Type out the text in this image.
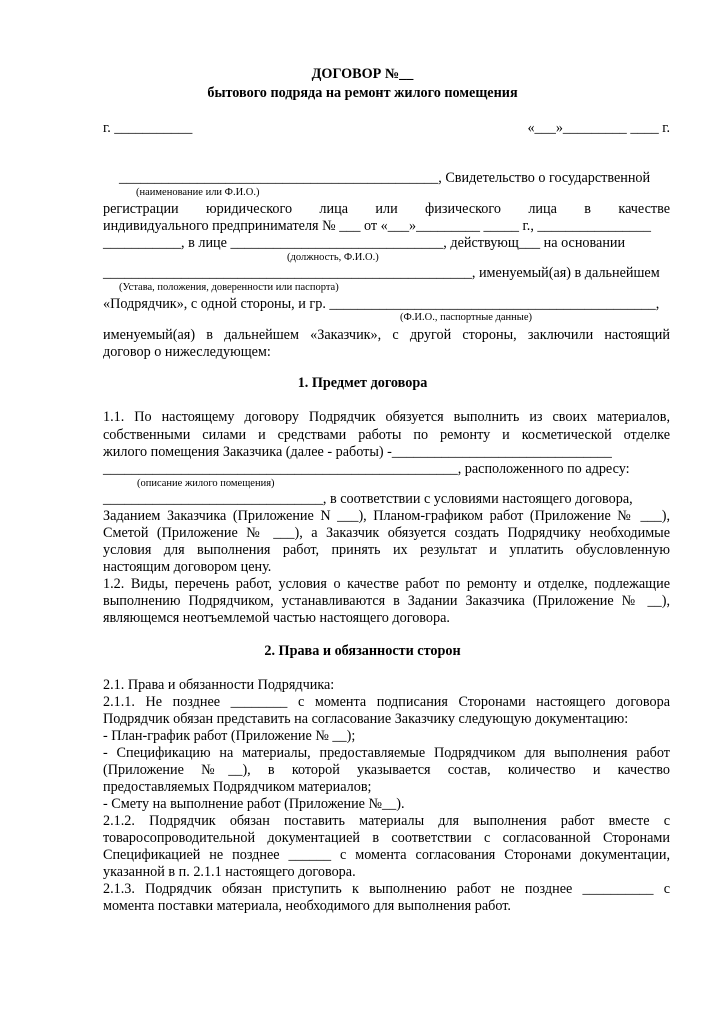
ДОГОВОР №__
бытового подряда на ремонт жилого помещения
г. ___________	«___»_________ ____ г.
_____________________________________________, Свидетельство о государственной
(наименование или Ф.И.О.)
регистрации юридического лица или физического лица в качестве
индивидуального предпринимателя № ___ от «___»_________ _____ г., ________________
___________, в лице ______________________________, действующ___ на основании
(должность, Ф.И.О.)
____________________________________________________, именуемый(ая) в дальнейшем
(Устава, положения, доверенности или паспорта)
«Подрядчик», с одной стороны, и гр. ______________________________________________,
(Ф.И.О., паспортные данные)
именуемый(ая) в дальнейшем «Заказчик», с другой стороны, заключили настоящий
договор о нижеследующем:
1. Предмет договора
1.1. По настоящему договору Подрядчик обязуется выполнить из своих материалов,
собственными силами и средствами работы по ремонту и косметической отделке
жилого помещения Заказчика (далее - работы) -_______________________________
__________________________________________________, расположенного по адресу:
(описание жилого помещения)
_______________________________, в соответствии с условиями настоящего договора,
Заданием Заказчика (Приложение N ___), Планом-графиком работ (Приложение № ___),
Сметой (Приложение № ___), а Заказчик обязуется создать Подрядчику необходимые
условия для выполнения работ, принять их результат и уплатить обусловленную
настоящим договором цену.
1.2. Виды, перечень работ, условия о качестве работ по ремонту и отделке, подлежащие
выполнению Подрядчиком, устанавливаются в Задании Заказчика (Приложение № __),
являющемся неотъемлемой частью настоящего договора.
2. Права и обязанности сторон
2.1. Права и обязанности Подрядчика:
2.1.1. Не позднее ________ с момента подписания Сторонами настоящего договора
Подрядчик обязан представить на согласование Заказчику следующую документацию:
- План-график работ (Приложение № __);
- Спецификацию на материалы, предоставляемые Подрядчиком для выполнения работ
(Приложение №__), в которой указывается состав, количество и качество
предоставляемых Подрядчиком материалов;
- Смету на выполнение работ (Приложение №__).
2.1.2. Подрядчик обязан поставить материалы для выполнения работ вместе с
товаросопроводительной документацией в соответствии с согласованной Сторонами
Спецификацией не позднее ______ с момента согласования Сторонами документации,
указанной в п. 2.1.1 настоящего договора.
2.1.3. Подрядчик обязан приступить к выполнению работ не позднее __________ с
момента поставки материала, необходимого для выполнения работ.
